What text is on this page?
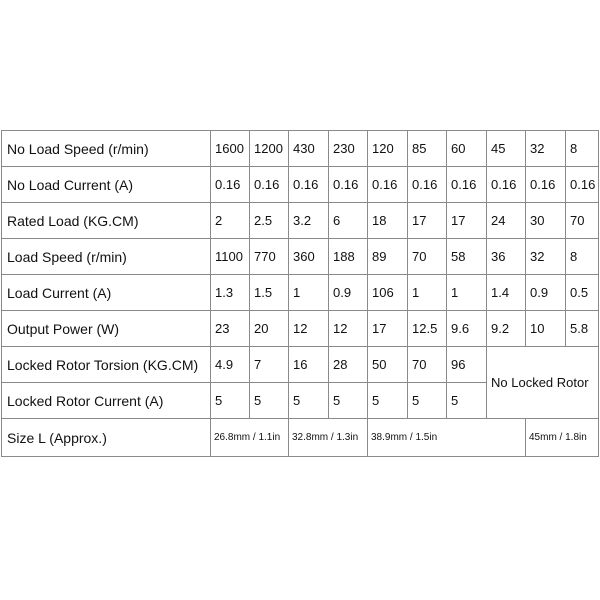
No Load Speed (r/min)	1600	1200	430	230	120	85	60	45	32	8
No Load Current (A)	0.16	0.16	0.16	0.16	0.16	0.16	0.16	0.16	0.16	0.16
Rated Load (KG.CM)	2	2.5	3.2	6	18	17	17	24	30	70
Load Speed (r/min)	1100	770	360	188	89	70	58	36	32	8
Load Current (A)	1.3	1.5	1	0.9	106	1	1	1.4	0.9	0.5
Output Power (W)	23	20	12	12	17	12.5	9.6	9.2	10	5.8
Locked Rotor Torsion (KG.CM)	4.9	7	16	28	50	70	96	No Locked Rotor		
Locked Rotor Current (A)	5	5	5	5	5	5	5			
Size L (Approx.)	26.8mm / 1.1in		32.8mm / 1.3in		38.9mm / 1.5in				45mm / 1.8in	
